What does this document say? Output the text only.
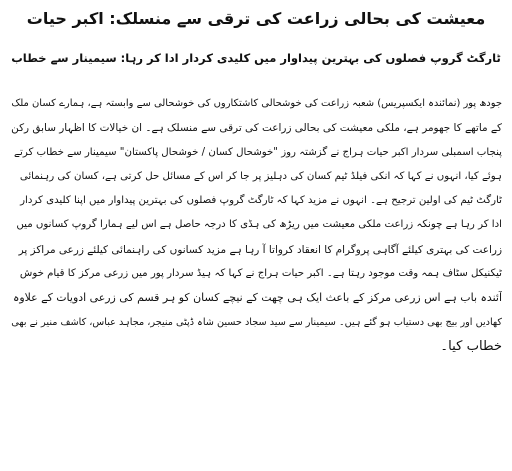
معیشت کی بحالی زراعت کی ترقی سے منسلک: اکبر حیات
ٹارگٹ گروپ فصلوں کی بہترین پیداوار میں کلیدی کردار ادا کر رہا: سیمینار سے خطاب
جودھ پور (نمائندہ ایکسپریس) شعبہ زراعت کی خوشحالی کاشتکاروں کی خوشحالی سے وابستہ ہے، ہمارے کسان ملک
کے ماتھے کا جھومر ہے، ملکی معیشت کی بحالی زراعت کی ترقی سے منسلک ہے۔ ان خیالات کا اظہار سابق رکن
پنجاب اسمبلی سردار اکبر حیات ہراج نے گزشتہ روز "خوشحال کسان / خوشحال پاکستان" سیمینار سے خطاب کرتے
ہوئے کیا، انہوں نے کہا کہ انکی فیلڈ ٹیم کسان کی دہلیز پر جا کر اس کے مسائل حل کرتی ہے، کسان کی رہنمائی
ٹارگٹ ٹیم کی اولین ترجیح ہے۔ انہوں نے مزید کہا کہ ٹارگٹ گروپ فصلوں کی بہترین پیداوار میں اپنا کلیدی کردار
ادا کر رہا ہے چونکہ زراعت ملکی معیشت میں ریڑھ کی ہڈی کا درجہ حاصل ہے اس لیے ہمارا گروپ کسانوں میں
زراعت کی بہتری کیلئے آگاہی پروگرام کا انعقاد کرواتا آ رہا ہے مزید کسانوں کی راہنمائی کیلئے زرعی مراکز پر
ٹیکنیکل سٹاف ہمہ وقت موجود رہتا ہے۔ اکبر حیات ہراج نے کہا کہ ہیڈ سردار پور میں زرعی مرکز کا قیام خوش
آئندہ باب ہے اس زرعی مرکز کے باعث ایک ہی چھت کے نیچے کسان کو ہر قسم کی زرعی ادویات کے علاوہ
کھادیں اور بیج بھی دستیاب ہو گئے ہیں۔ سیمینار سے سید سجاد حسین شاہ ڈپٹی منیجر، مجاہد عباس، کاشف منیر نے بھی
خطاب کیا۔
